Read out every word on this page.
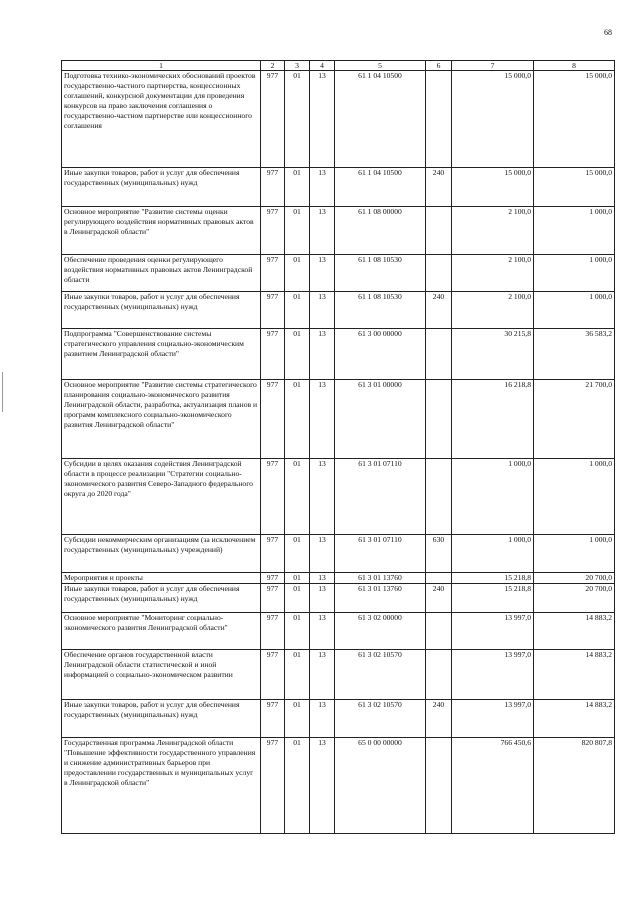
68
1	2	3	4	5	6	7	8
Подготовка технико-экономических обоснований проектов государственно-частного партнерства, концессионных соглашений, конкурсной документации для проведения конкурсов на право заключения соглашения о государственно-частном партнерстве или концессионного соглашения	977	01	13	61 1 04 10500		15 000,0	15 000,0
Иные закупки товаров, работ и услуг для обеспечения государственных (муниципальных) нужд	977	01	13	61 1 04 10500	240	15 000,0	15 000,0
Основное мероприятие "Развитие системы оценки регулирующего воздействия нормативных правовых актов в Ленинградской области"	977	01	13	61 1 08 00000		2 100,0	1 000,0
Обеспечение проведения оценки регулирующего воздействия нормативных правовых актов Ленинградской области	977	01	13	61 1 08 10530		2 100,0	1 000,0
Иные закупки товаров, работ и услуг для обеспечения государственных (муниципальных) нужд	977	01	13	61 1 08 10530	240	2 100,0	1 000,0
Подпрограмма "Совершенствование системы стратегического управления социально-экономическим развитием Ленинградской области"	977	01	13	61 3 00 00000		30 215,8	36 583,2
Основное мероприятие "Развитие системы стратегического планирования социально-экономического развития Ленинградской области, разработка, актуализация планов и программ комплексного социально-экономического развития Ленинградской области"	977	01	13	61 3 01 00000		16 218,8	21 700,0
Субсидии в целях оказания содействия Ленинградской области в процессе реализации "Стратегии социально-экономического развития Северо-Западного федерального округа до 2020 года"	977	01	13	61 3 01 07110		1 000,0	1 000,0
Субсидии некоммерческим организациям (за исключением государственных (муниципальных) учреждений)	977	01	13	61 3 01 07110	630	1 000,0	1 000,0
Мероприятия и проекты	977	01	13	61 3 01 13760		15 218,8	20 700,0
Иные закупки товаров, работ и услуг для обеспечения государственных (муниципальных) нужд	977	01	13	61 3 01 13760	240	15 218,8	20 700,0
Основное мероприятие "Мониторинг социально-экономического развития Ленинградской области"	977	01	13	61 3 02 00000		13 997,0	14 883,2
Обеспечение органов государственной власти Ленинградской области статистической и иной информацией о социально-экономическом развитии	977	01	13	61 3 02 10570		13 997,0	14 883,2
Иные закупки товаров, работ и услуг для обеспечения государственных (муниципальных) нужд	977	01	13	61 3 02 10570	240	13 997,0	14 883,2
Государственная программа Ленинградской области "Повышение эффективности государственного управления и снижение административных барьеров при предоставлении государственных и муниципальных услуг в Ленинградской области"	977	01	13	65 0 00 00000		766 450,6	820 807,8
